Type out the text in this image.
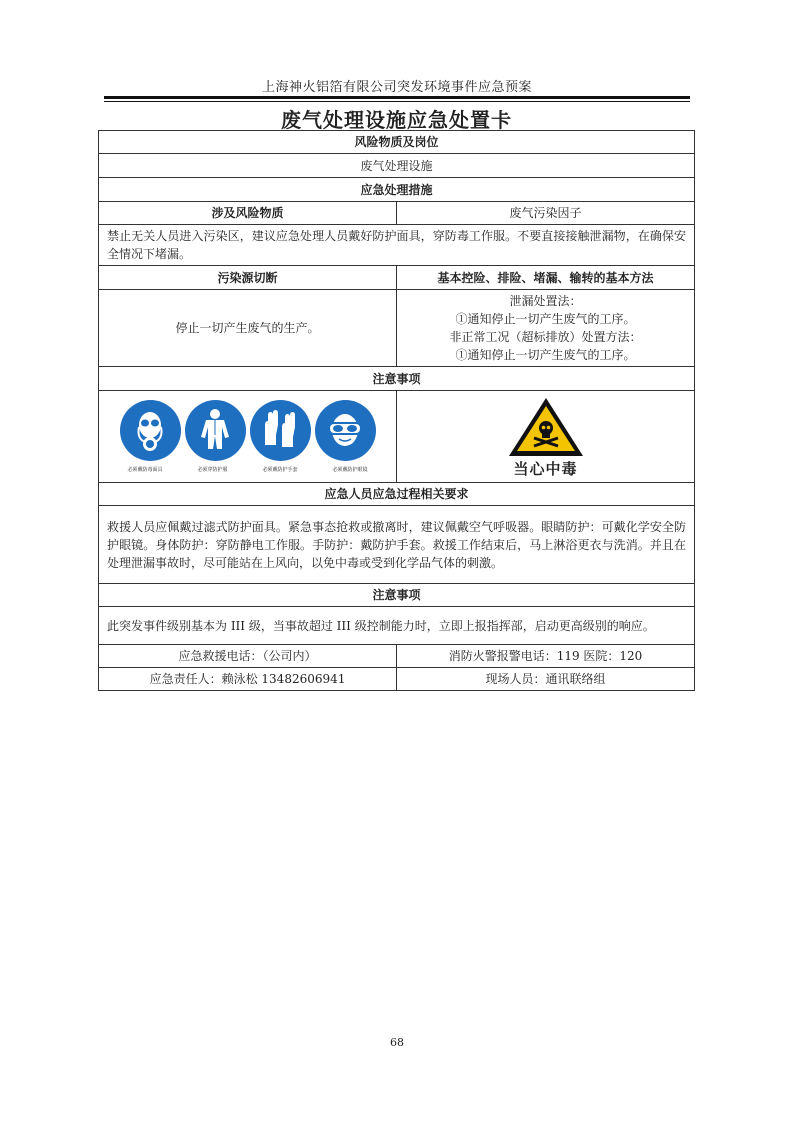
上海神火铝箔有限公司突发环境事件应急预案
废气处理设施应急处置卡
风险物质及岗位	
废气处理设施	
应急处理措施	
涉及风险物质	废气污染因子
禁止无关人员进入污染区，建议应急处理人员戴好防护面具，穿防毒工作服。不要直接接触泄漏物，在确保安全情况下堵漏。	
污染源切断	基本控险、排险、堵漏、输转的基本方法
停止一切产生废气的生产。	泄漏处置法：
①通知停止一切产生废气的工序。
非正常工况（超标排放）处置方法：
①通知停止一切产生废气的工序。

注意事项	

必须戴防毒面具 必须穿防护服 必须戴防护手套 必须戴防护眼镜	当心中毒

应急人员应急过程相关要求	
救援人员应佩戴过滤式防护面具。紧急事态抢救或撤离时，建议佩戴空气呼吸器。眼睛防护：可戴化学安全防护眼镜。身体防护：穿防静电工作服。手防护：戴防护手套。救援工作结束后，马上淋浴更衣与洗消。并且在处理泄漏事故时，尽可能站在上风向，以免中毒或受到化学品气体的刺激。	
注意事项	
此突发事件级别基本为 III 级，当事故超过 III 级控制能力时，立即上报指挥部，启动更高级别的响应。	
应急救援电话：（公司内）	消防火警报警电话：119 医院：120
应急责任人：赖泳松 13482606941	现场人员：通讯联络组
68
